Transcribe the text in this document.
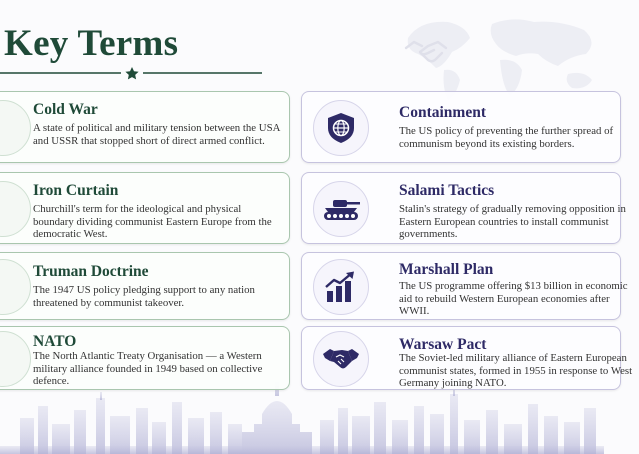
Key Terms
Cold War
A state of political and military tension between the USA and USSR that stopped short of direct armed conflict.
Iron Curtain
Churchill's term for the ideological and physical boundary dividing communist Eastern Europe from the democratic West.
Truman Doctrine
The 1947 US policy pledging support to any nation threatened by communist takeover.
NATO
The North Atlantic Treaty Organisation — a Western military alliance founded in 1949 based on collective defence.
Containment
The US policy of preventing the further spread of communism beyond its existing borders.
Salami Tactics
Stalin's strategy of gradually removing opposition in Eastern European countries to install communist governments.
Marshall Plan
The US programme offering $13 billion in economic aid to rebuild Western European economies after WWII.
Warsaw Pact
The Soviet-led military alliance of Eastern European communist states, formed in 1955 in response to West Germany joining NATO.
